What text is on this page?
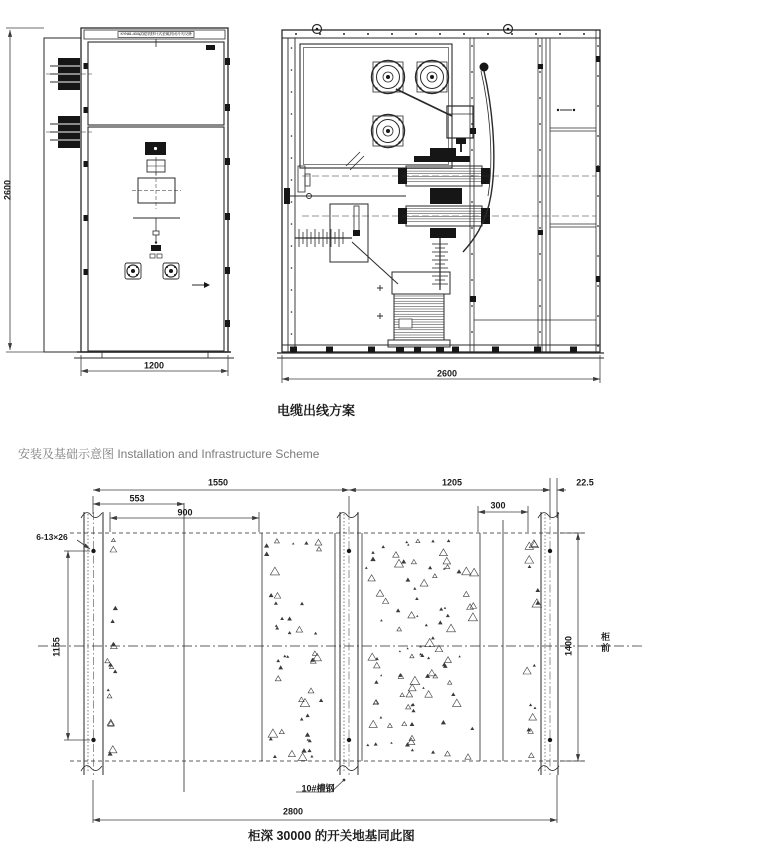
KYN61-40.5(Z)铠装移开式金属封闭开关设备
2600
1200
2600
电缆出线方案
安装及基础示意图 Installation and Infrastructure Scheme
1550	1205	22.5
553
900
300
6-13×26
1155	1400	柜前
10#槽钢
2800
柜深 30000 的开关地基同此图
